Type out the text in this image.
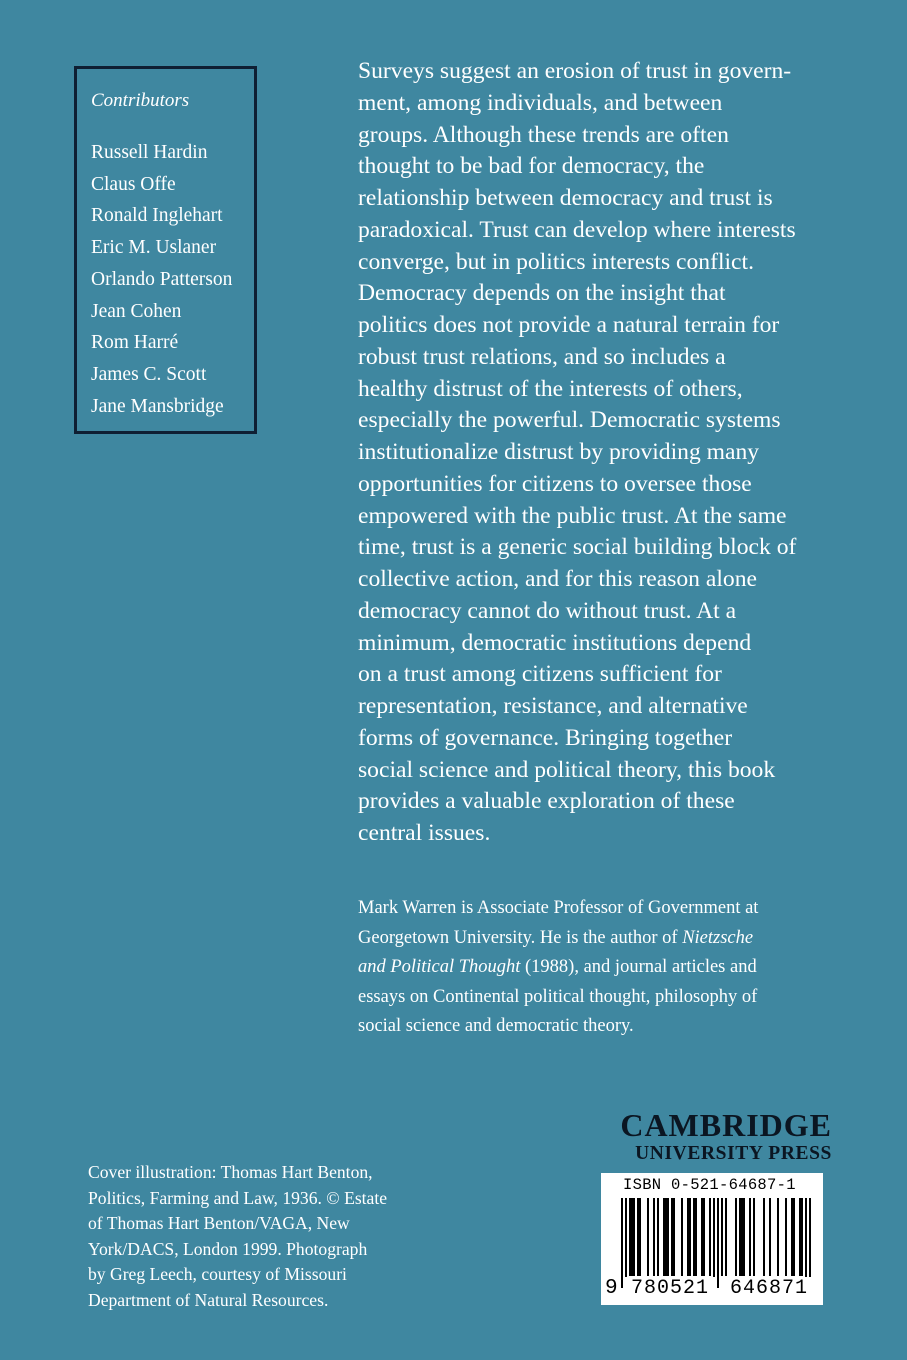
Contributors
Russell Hardin
Claus Offe
Ronald Inglehart
Eric M. Uslaner
Orlando Patterson
Jean Cohen
Rom Harré
James C. Scott
Jane Mansbridge

Surveys suggest an erosion of trust in govern-

ment, among individuals, and between

groups. Although these trends are often

thought to be bad for democracy, the

relationship between democracy and trust is

paradoxical. Trust can develop where interests

converge, but in politics interests conflict.

Democracy depends on the insight that

politics does not provide a natural terrain for

robust trust relations, and so includes a

healthy distrust of the interests of others,

especially the powerful. Democratic systems

institutionalize distrust by providing many

opportunities for citizens to oversee those

empowered with the public trust. At the same

time, trust is a generic social building block of

collective action, and for this reason alone

democracy cannot do without trust. At a

minimum, democratic institutions depend

on a trust among citizens sufficient for

representation, resistance, and alternative

forms of governance. Bringing together

social science and political theory, this book

provides a valuable exploration of these

central issues.

Mark Warren is Associate Professor of Government at

Georgetown University. He is the author of Nietzsche

and Political Thought (1988), and journal articles and

essays on Continental political thought, philosophy of

social science and democratic theory.

Cover illustration: Thomas Hart Benton,

Politics, Farming and Law, 1936. © Estate

of Thomas Hart Benton/VAGA, New

York/DACS, London 1999. Photograph

by Greg Leech, courtesy of Missouri

Department of Natural Resources.

CAMBRIDGE
UNIVERSITY PRESS
ISBN 0-521-64687-1
9 780521	646871
